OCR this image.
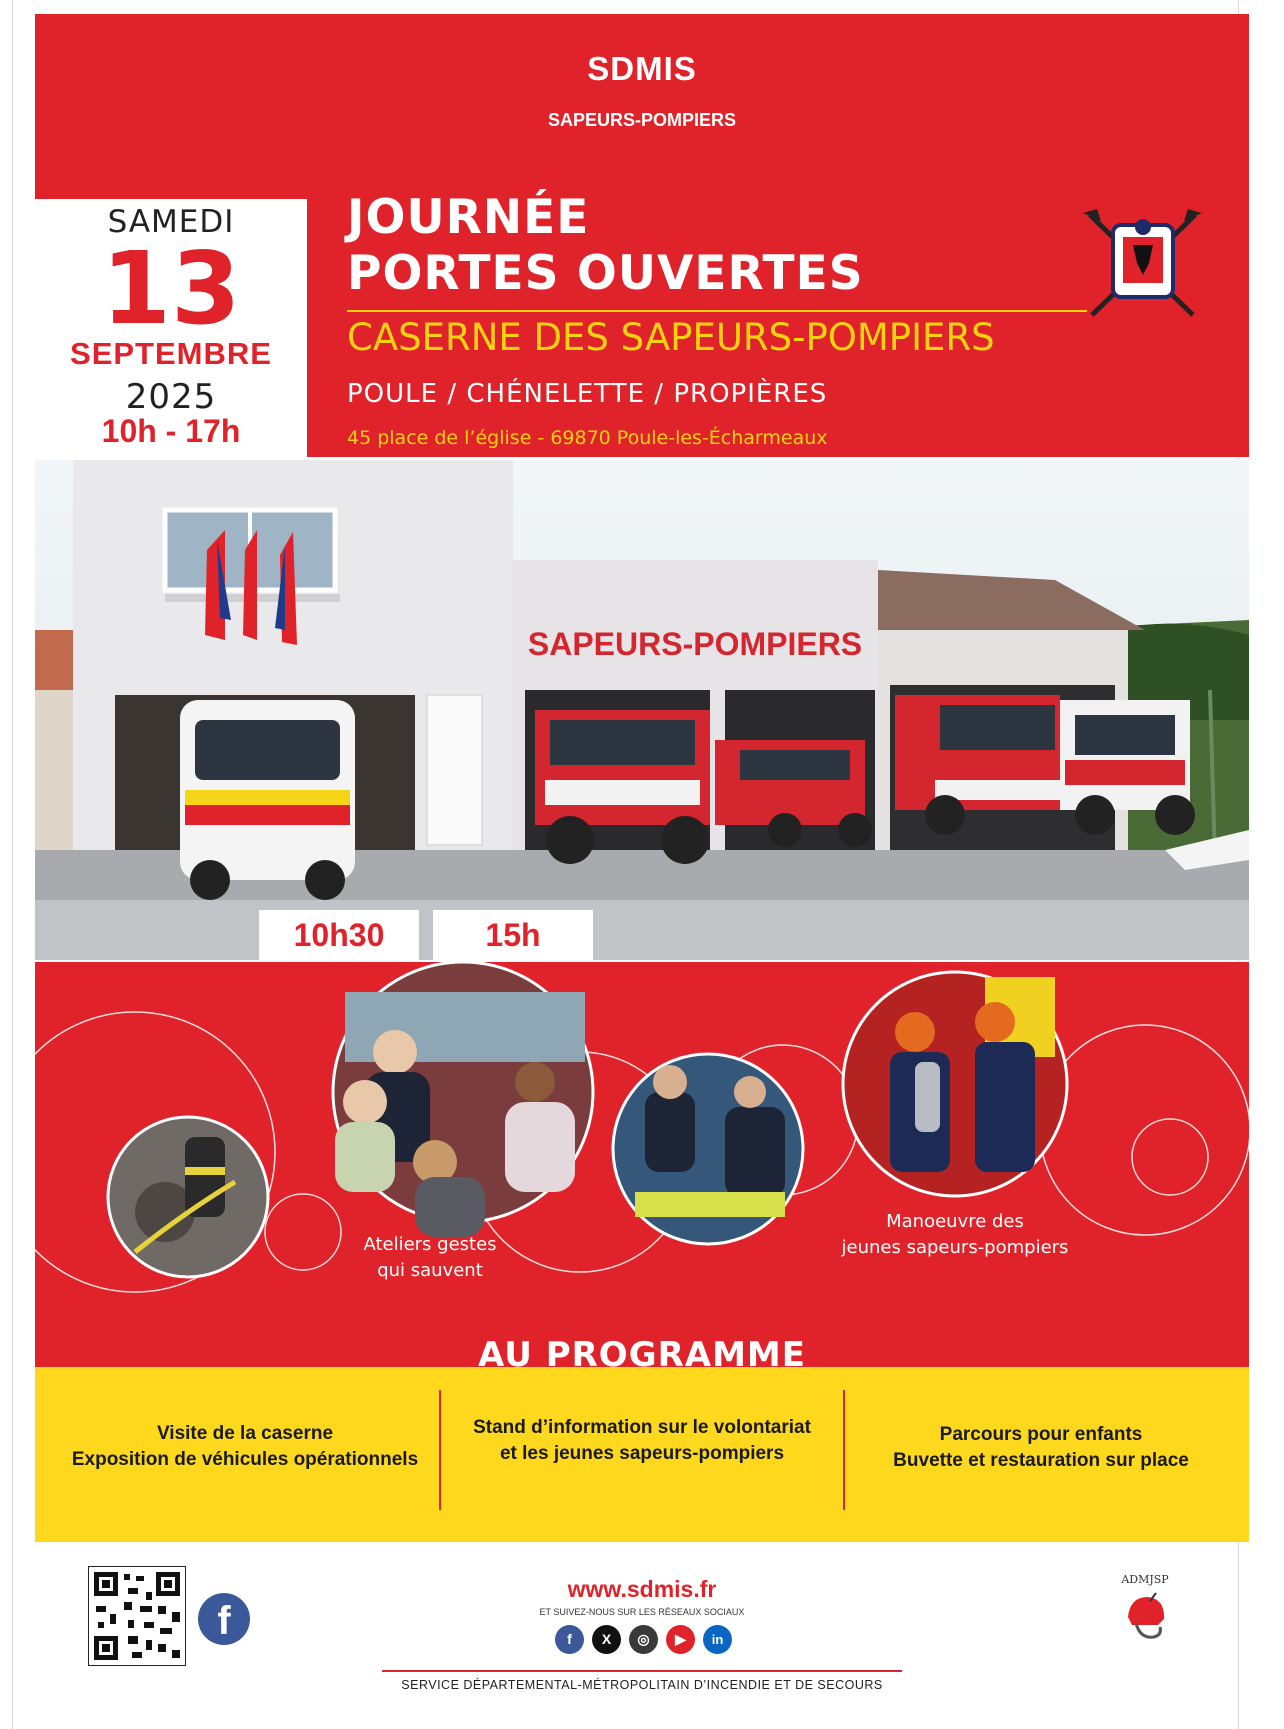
SDMIS
SAPEURS-POMPIERS
SAMEDI
13
SEPTEMBRE
2025
10h - 17h
JOURNÉE
PORTES OUVERTES
CASERNE DES SAPEURS-POMPIERS
POULE / CHÉNELETTE / PROPIÈRES
45 place de l’église - 69870 Poule-les-Écharmeaux
SAPEURS-POMPIERS
10h30	15h
Ateliers gestes
qui sauvent
Manoeuvre des
jeunes sapeurs-pompiers
AU PROGRAMME
Visite de la caserne
Exposition de véhicules opérationnels
Stand d’information sur le volontariat
et les jeunes sapeurs-pompiers
Parcours pour enfants
Buvette et restauration sur place
f
www.sdmis.fr
ET SUIVEZ-NOUS SUR LES RÉSEAUX SOCIAUX
f	X	◎	▶	in
ADMJSP
SERVICE DÉPARTEMENTAL-MÉTROPOLITAIN D’INCENDIE ET DE SECOURS
